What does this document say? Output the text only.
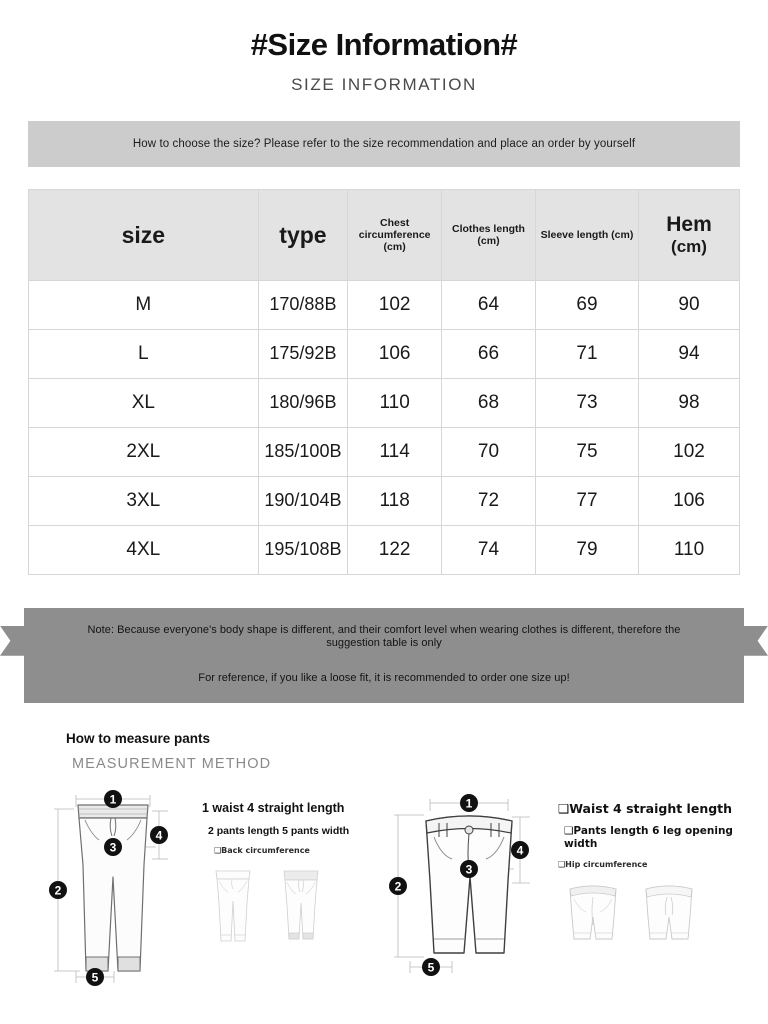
#Size Information#
SIZE INFORMATION
How to choose the size? Please refer to the size recommendation and place an order by yourself
size	type	Chest circumference (cm)	Clothes length (cm)	Sleeve length (cm)	Hem
(cm)

M	170/88B	102	64	69	90
L	175/92B	106	66	71	94
XL	180/96B	110	68	73	98
2XL	185/100B	114	70	75	102
3XL	190/104B	118	72	77	106
4XL	195/108B	122	74	79	110
Note: Because everyone's body shape is different, and their comfort level when wearing clothes is different, therefore the suggestion table is only
For reference, if you like a loose fit, it is recommended to order one size up!
How to measure pants
MEASUREMENT METHOD
1
2
3
4
5
1 waist 4 straight length
2 pants length 5 pants width
❑Back circumference
1
2
3
4
5
❑Waist 4 straight length
❑Pants length 6 leg opening width
❑Hip circumference
